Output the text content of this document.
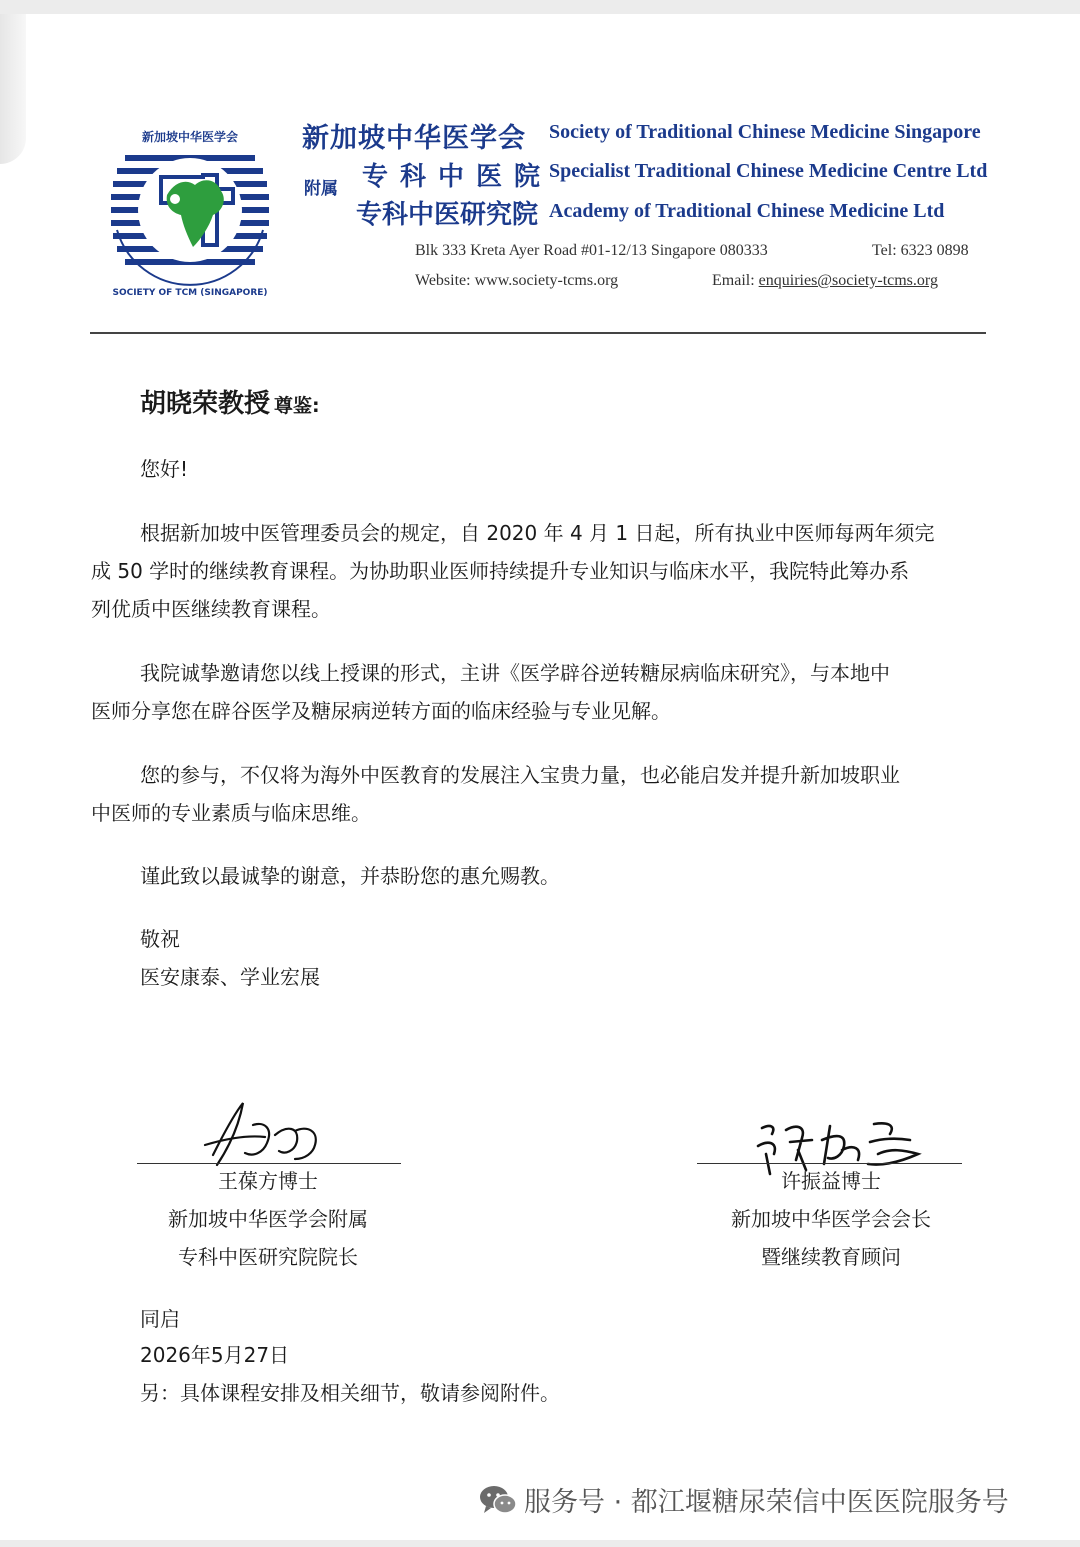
新加坡中华医学会
SOCIETY OF TCM (SINGAPORE)
新加坡中华医学会
附属 专科中医院
专科中医研究院
Society of Traditional Chinese Medicine Singapore
Specialist Traditional Chinese Medicine Centre Ltd
Academy of Traditional Chinese Medicine Ltd
Blk 333 Kreta Ayer Road #01-12/13 Singapore 080333	Tel: 6323 0898
Website: www.society-tcms.org	Email: enquiries@society-tcms.org
胡晓荣教授 尊鉴:
您好!
根据新加坡中医管理委员会的规定，自 2020 年 4 月 1 日起，所有执业中医师每两年须完
成 50 学时的继续教育课程。为协助职业医师持续提升专业知识与临床水平，我院特此筹办系
列优质中医继续教育课程。
我院诚挚邀请您以线上授课的形式，主讲《医学辟谷逆转糖尿病临床研究》，与本地中
医师分享您在辟谷医学及糖尿病逆转方面的临床经验与专业见解。
您的参与，不仅将为海外中医教育的发展注入宝贵力量，也必能启发并提升新加坡职业
中医师的专业素质与临床思维。
谨此致以最诚挚的谢意，并恭盼您的惠允赐教。
敬祝
医安康泰、学业宏展
王葆方博士
新加坡中华医学会附属
专科中医研究院院长
许振益博士
新加坡中华医学会会长
暨继续教育顾问
同启
2026年5月27日
另：具体课程安排及相关细节，敬请参阅附件。
服务号 · 都江堰糖尿荣信中医医院服务号
